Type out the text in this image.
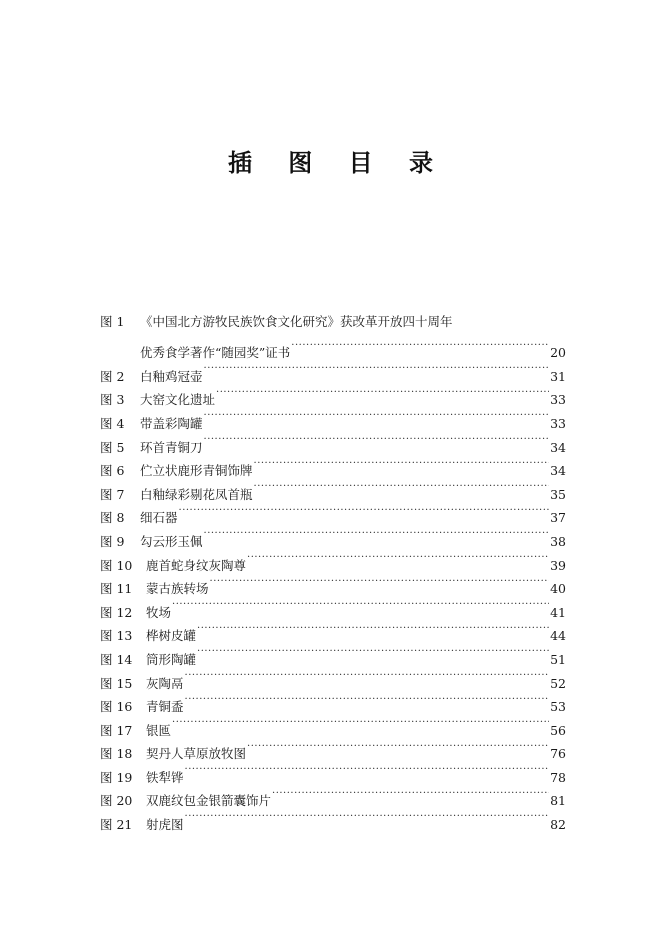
插 图 目 录
图 1	《中国北方游牧民族饮食文化研究》获改革开放四十周年
优秀食学著作“随园奖”证书 ·····	20
图 2	白釉鸡冠壶 ·····	31
图 3	大窑文化遗址 ·····	33
图 4	带盖彩陶罐 ·····	33
图 5	环首青铜刀 ·····	34
图 6	伫立状鹿形青铜饰牌 ·····	34
图 7	白釉绿彩剔花凤首瓶 ·····	35
图 8	细石器 ·····	37
图 9	勾云形玉佩 ·····	38
图 10	鹿首蛇身纹灰陶尊 ·····	39
图 11	蒙古族转场 ·····	40
图 12	牧场 ·····	41
图 13	桦树皮罐 ·····	44
图 14	筒形陶罐 ·····	51
图 15	灰陶鬲 ·····	52
图 16	青铜盉 ·····	53
图 17	银匜 ·····	56
图 18	契丹人草原放牧图 ·····	76
图 19	铁犁铧 ·····	78
图 20	双鹿纹包金银箭囊饰片 ·····	81
图 21	射虎图 ·····	82
